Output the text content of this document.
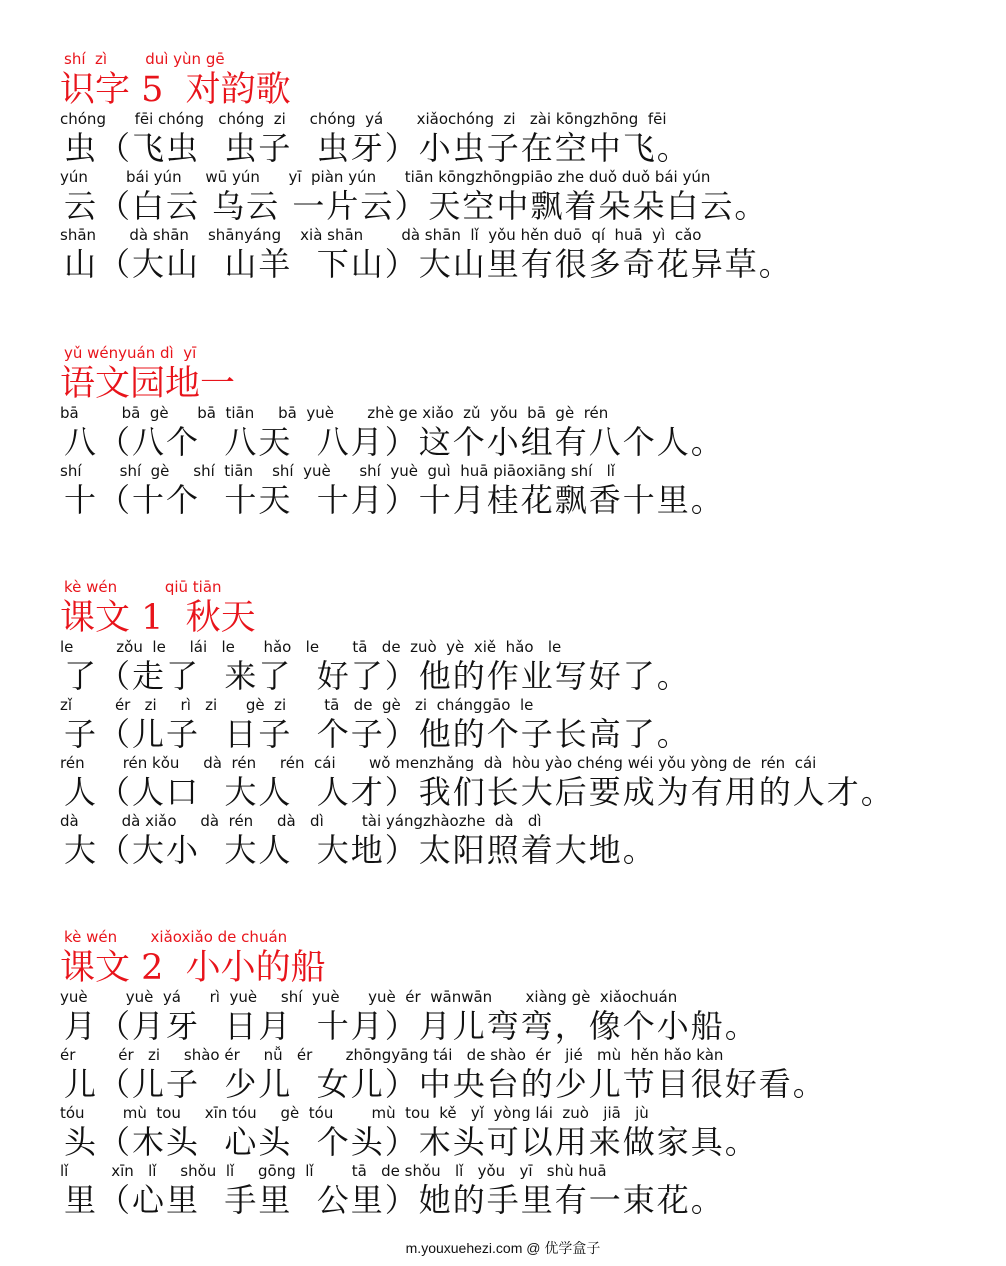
shí  zì        duì yùn gē
识字 5  对韵歌
chóng      fēi chóng   chóng  zi     chóng  yá       xiǎochóng  zi   zài kōngzhōng  fēi
虫（飞虫  虫子  虫牙）小虫子在空中飞。
yún        bái yún     wū yún      yī  piàn yún      tiān kōngzhōngpiāo zhe duǒ duǒ bái yún
云（白云 乌云 一片云）天空中飘着朵朵白云。
shān       dà shān    shānyáng    xià shān        dà shān  lǐ  yǒu hěn duō  qí  huā  yì  cǎo
山（大山  山羊  下山）大山里有很多奇花异草。
yǔ wényuán dì  yī
语文园地一
bā         bā  gè      bā  tiān     bā  yuè       zhè ge xiǎo  zǔ  yǒu  bā  gè  rén
八（八个  八天  八月）这个小组有八个人。
shí        shí  gè     shí  tiān    shí  yuè      shí  yuè  guì  huā piāoxiāng shí   lǐ
十（十个  十天  十月）十月桂花飘香十里。
kè wén          qiū tiān
课文 1  秋天
le         zǒu  le     lái   le      hǎo   le       tā   de  zuò  yè  xiě  hǎo   le
了（走了  来了  好了）他的作业写好了。
zǐ         ér   zi     rì   zi      gè  zi        tā   de  gè   zi  chánggāo  le
子（儿子  日子  个子）他的个子长高了。
rén        rén kǒu     dà  rén     rén  cái       wǒ menzhǎng  dà  hòu yào chéng wéi yǒu yòng de  rén  cái
人（人口  大人  人才）我们长大后要成为有用的人才。
dà         dà xiǎo     dà  rén     dà   dì        tài yángzhàozhe  dà   dì
大（大小  大人  大地）太阳照着大地。
kè wén       xiǎoxiǎo de chuán
课文 2  小小的船
yuè        yuè  yá      rì  yuè     shí  yuè      yuè  ér  wānwān       xiàng gè  xiǎochuán
月（月牙  日月  十月）月儿弯弯，像个小船。
ér         ér   zi     shào ér     nǚ   ér       zhōngyāng tái   de shào  ér   jié   mù  hěn hǎo kàn
儿（儿子  少儿  女儿）中央台的少儿节目很好看。
tóu        mù  tou     xīn tóu     gè  tóu        mù  tou  kě   yǐ  yòng lái  zuò   jiā   jù
头（木头  心头  个头）木头可以用来做家具。
lǐ         xīn   lǐ     shǒu  lǐ     gōng  lǐ        tā   de shǒu   lǐ   yǒu   yī   shù huā
里（心里  手里  公里）她的手里有一束花。
m.youxuehezi.com @ 优学盒子
